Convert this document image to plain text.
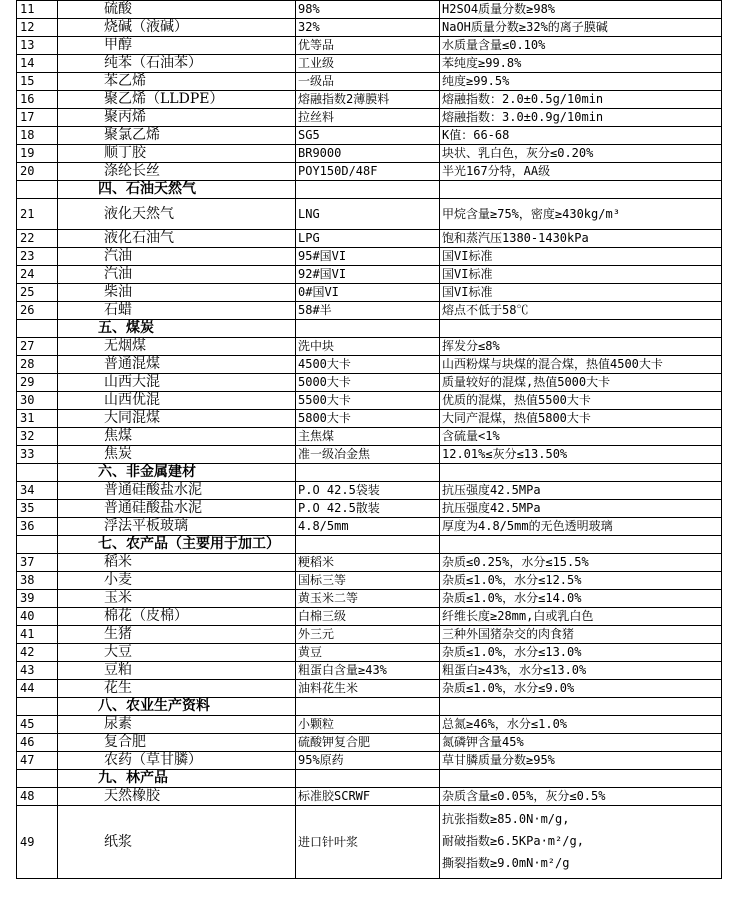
11	硫酸	98%	H2SO4质量分数≥98%
12	烧碱（液碱）	32%	NaOH质量分数≥32%的离子膜碱
13	甲醇	优等品	水质量含量≤0.10%
14	纯苯（石油苯）	工业级	苯纯度≥99.8%
15	苯乙烯	一级品	纯度≥99.5%
16	聚乙烯（LLDPE）	熔融指数2薄膜料	熔融指数：2.0±0.5g/10min
17	聚丙烯	拉丝料	熔融指数：3.0±0.9g/10min
18	聚氯乙烯	SG5	K值：66-68
19	顺丁胶	BR9000	块状、乳白色，灰分≤0.20%
20	涤纶长丝	POY150D/48F	半光167分特，AA级
	四、石油天然气		
21	液化天然气	LNG	甲烷含量≥75%，密度≥430kg/m³
22	液化石油气	LPG	饱和蒸汽压1380-1430kPa
23	汽油	95#国VI	国VI标准
24	汽油	92#国VI	国VI标准
25	柴油	0#国VI	国VI标准
26	石蜡	58#半	熔点不低于58℃
	五、煤炭		
27	无烟煤	洗中块	挥发分≤8%
28	普通混煤	4500大卡	山西粉煤与块煤的混合煤，热值4500大卡
29	山西大混	5000大卡	质量较好的混煤,热值5000大卡
30	山西优混	5500大卡	优质的混煤，热值5500大卡
31	大同混煤	5800大卡	大同产混煤，热值5800大卡
32	焦煤	主焦煤	含硫量<1%
33	焦炭	准一级冶金焦	12.01%≤灰分≤13.50%
	六、非金属建材		
34	普通硅酸盐水泥	P.O 42.5袋装	抗压强度42.5MPa
35	普通硅酸盐水泥	P.O 42.5散装	抗压强度42.5MPa
36	浮法平板玻璃	4.8/5mm	厚度为4.8/5mm的无色透明玻璃
	七、农产品（主要用于加工）		
37	稻米	粳稻米	杂质≤0.25%，水分≤15.5%
38	小麦	国标三等	杂质≤1.0%，水分≤12.5%
39	玉米	黄玉米二等	杂质≤1.0%，水分≤14.0%
40	棉花（皮棉）	白棉三级	纤维长度≥28mm,白或乳白色
41	生猪	外三元	三种外国猪杂交的肉食猪
42	大豆	黄豆	杂质≤1.0%，水分≤13.0%
43	豆粕	粗蛋白含量≥43%	粗蛋白≥43%，水分≤13.0%
44	花生	油料花生米	杂质≤1.0%，水分≤9.0%
	八、农业生产资料		
45	尿素	小颗粒	总氮≥46%，水分≤1.0%
46	复合肥	硫酸钾复合肥	氮磷钾含量45%
47	农药（草甘膦）	95%原药	草甘膦质量分数≥95%
	九、林产品		
48	天然橡胶	标准胶SCRWF	杂质含量≤0.05%，灰分≤0.5%
49	纸浆	进口针叶浆	抗张指数≥85.0N·m/g,
耐破指数≥6.5KPa·m²/g,
撕裂指数≥9.0mN·m²/g
